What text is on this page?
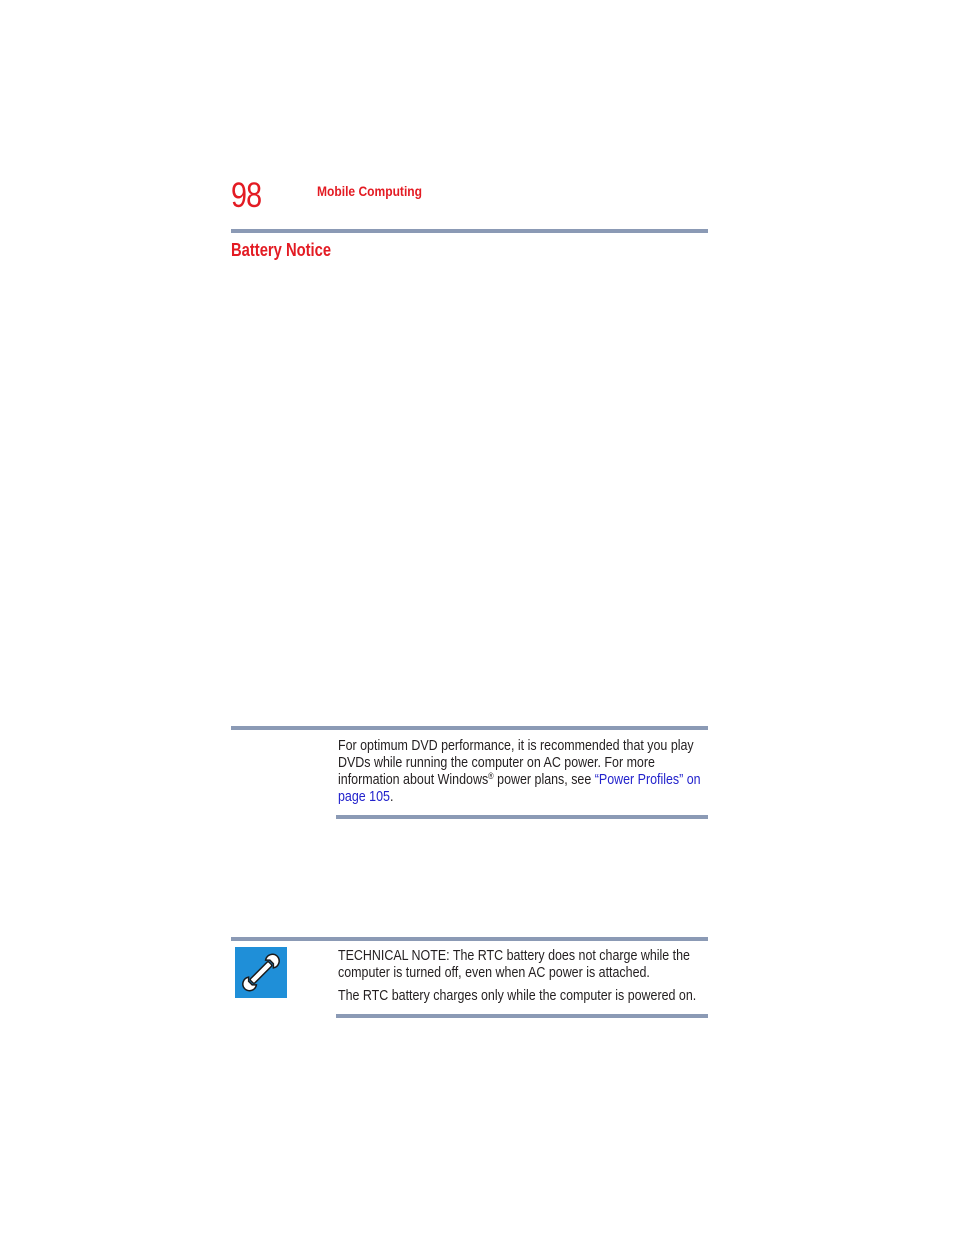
98	Mobile Computing
Battery Notice

For optimum DVD performance, it is recommended that you play DVDs while running the computer on AC power. For more information about Windows® power plans, see “Power Profiles” on page 105.

TECHNICAL NOTE: The RTC battery does not charge while the computer is turned off, even when AC power is attached.

The RTC battery charges only while the computer is powered on.
